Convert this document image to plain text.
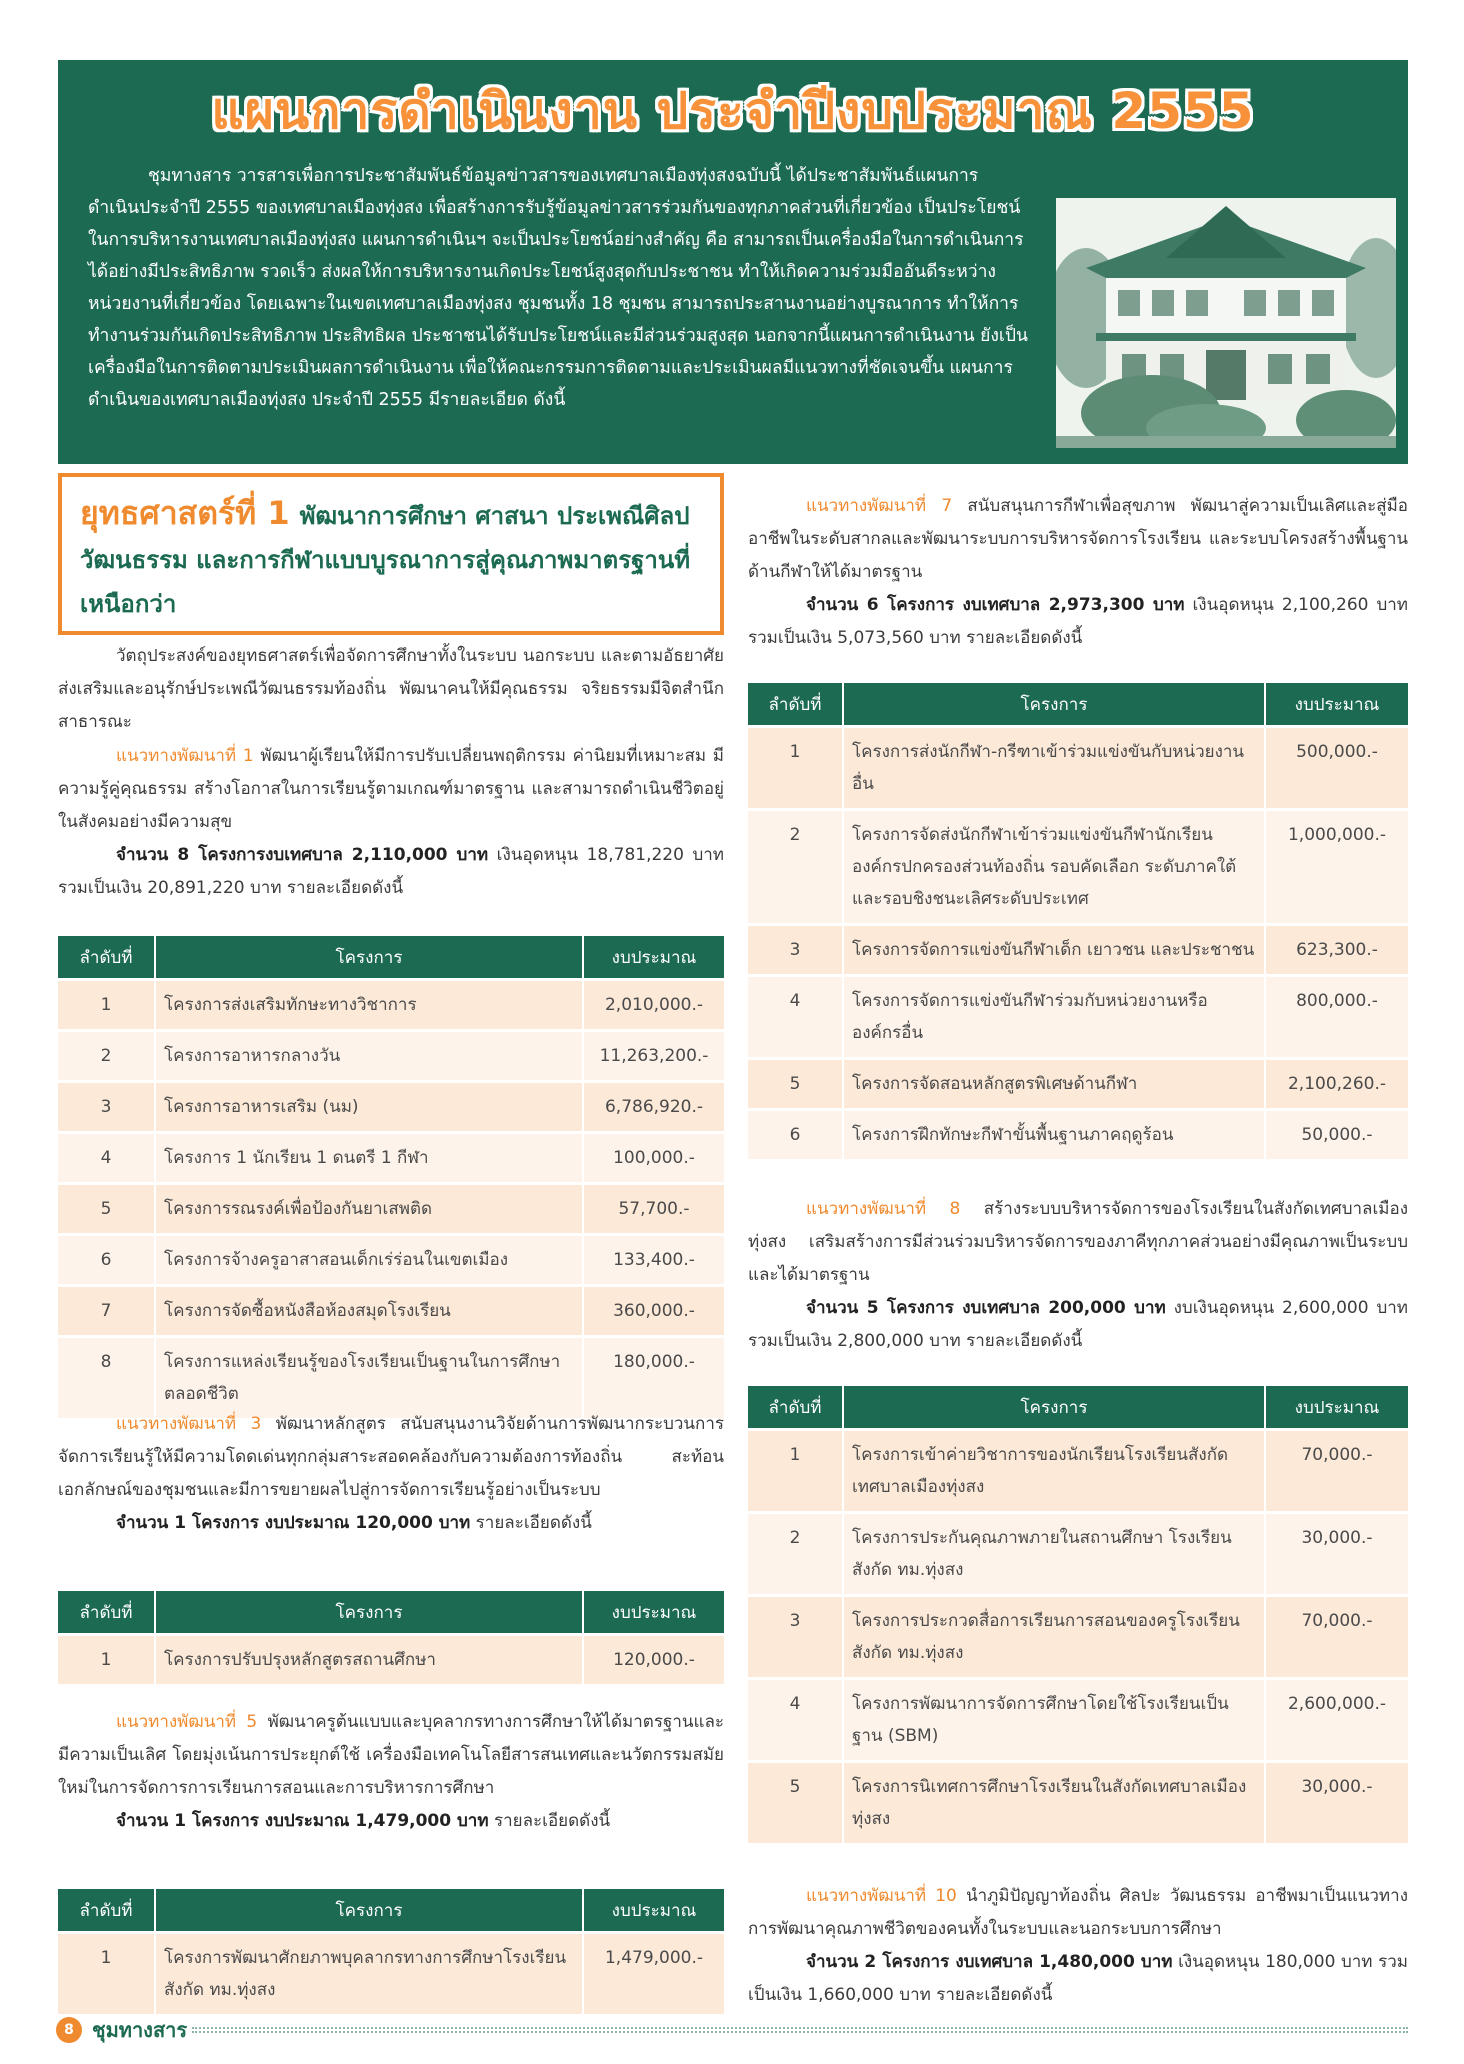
แผนการดำเนินงาน ประจำปีงบประมาณ 2555

ชุมทางสาร วารสารเพื่อการประชาสัมพันธ์ข้อมูลข่าวสารของเทศบาลเมืองทุ่งสงฉบับนี้ ได้ประชาสัมพันธ์แผนการดำเนินประจำปี 2555 ของเทศบาลเมืองทุ่งสง เพื่อสร้างการรับรู้ข้อมูลข่าวสารร่วมกันของทุกภาคส่วนที่เกี่ยวข้อง เป็นประโยชน์ในการบริหารงานเทศบาลเมืองทุ่งสง แผนการดำเนินฯ จะเป็นประโยชน์อย่างสำคัญ คือ สามารถเป็นเครื่องมือในการดำเนินการได้อย่างมีประสิทธิภาพ รวดเร็ว ส่งผลให้การบริหารงานเกิดประโยชน์สูงสุดกับประชาชน ทำให้เกิดความร่วมมืออันดีระหว่างหน่วยงานที่เกี่ยวข้อง โดยเฉพาะในเขตเทศบาลเมืองทุ่งสง ชุมชนทั้ง 18 ชุมชน สามารถประสานงานอย่างบูรณาการ ทำให้การทำงานร่วมกันเกิดประสิทธิภาพ ประสิทธิผล ประชาชนได้รับประโยชน์และมีส่วนร่วมสูงสุด นอกจากนี้แผนการดำเนินงาน ยังเป็นเครื่องมือในการติดตามประเมินผลการดำเนินงาน เพื่อให้คณะกรรมการติดตามและประเมินผลมีแนวทางที่ชัดเจนขึ้น แผนการดำเนินของเทศบาลเมืองทุ่งสง ประจำปี 2555 มีรายละเอียด ดังนี้

ยุทธศาสตร์ที่ 1 พัฒนาการศึกษา ศาสนา ประเพณีศิลปวัฒนธรรม และการกีฬาแบบบูรณาการสู่คุณภาพมาตรฐานที่เหนือกว่า

วัตถุประสงค์ของยุทธศาสตร์เพื่อจัดการศึกษาทั้งในระบบ นอกระบบ และตามอัธยาศัย ส่งเสริมและอนุรักษ์ประเพณีวัฒนธรรมท้องถิ่น พัฒนาคนให้มีคุณธรรม จริยธรรมมีจิตสำนึกสาธารณะ

แนวทางพัฒนาที่ 1 พัฒนาผู้เรียนให้มีการปรับเปลี่ยนพฤติกรรม ค่านิยมที่เหมาะสม มีความรู้คู่คุณธรรม สร้างโอกาสในการเรียนรู้ตามเกณฑ์มาตรฐาน และสามารถดำเนินชีวิตอยู่ในสังคมอย่างมีความสุข
จำนวน 8 โครงการงบเทศบาล 2,110,000 บาท เงินอุดหนุน 18,781,220 บาท รวมเป็นเงิน 20,891,220 บาท รายละเอียดดังนี้

ลำดับที่	โครงการ	งบประมาณ
1	โครงการส่งเสริมทักษะทางวิชาการ	2,010,000.-
2	โครงการอาหารกลางวัน	11,263,200.-
3	โครงการอาหารเสริม (นม)	6,786,920.-
4	โครงการ 1 นักเรียน 1 ดนตรี 1 กีฬา	100,000.-
5	โครงการรณรงค์เพื่อป้องกันยาเสพติด	57,700.-
6	โครงการจ้างครูอาสาสอนเด็กเร่ร่อนในเขตเมือง	133,400.-
7	โครงการจัดซื้อหนังสือห้องสมุดโรงเรียน	360,000.-
8	โครงการแหล่งเรียนรู้ของโรงเรียนเป็นฐานในการศึกษาตลอดชีวิต	180,000.-

แนวทางพัฒนาที่ 3 พัฒนาหลักสูตร สนับสนุนงานวิจัยด้านการพัฒนากระบวนการจัดการเรียนรู้ให้มีความโดดเด่นทุกกลุ่มสาระสอดคล้องกับความต้องการท้องถิ่น สะท้อนเอกลักษณ์ของชุมชนและมีการขยายผลไปสู่การจัดการเรียนรู้อย่างเป็นระบบ
จำนวน 1 โครงการ งบประมาณ 120,000 บาท รายละเอียดดังนี้

ลำดับที่	โครงการ	งบประมาณ
1	โครงการปรับปรุงหลักสูตรสถานศึกษา	120,000.-

แนวทางพัฒนาที่ 5 พัฒนาครูต้นแบบและบุคลากรทางการศึกษาให้ได้มาตรฐานและมีความเป็นเลิศ โดยมุ่งเน้นการประยุกต์ใช้ เครื่องมือเทคโนโลยีสารสนเทศและนวัตกรรมสมัยใหม่ในการจัดการการเรียนการสอนและการบริหารการศึกษา
จำนวน 1 โครงการ งบประมาณ 1,479,000 บาท รายละเอียดดังนี้

ลำดับที่	โครงการ	งบประมาณ
1	โครงการพัฒนาศักยภาพบุคลากรทางการศึกษาโรงเรียนสังกัด ทม.ทุ่งสง	1,479,000.-

แนวทางพัฒนาที่ 7 สนับสนุนการกีฬาเพื่อสุขภาพ พัฒนาสู่ความเป็นเลิศและสู่มืออาชีพในระดับสากลและพัฒนาระบบการบริหารจัดการโรงเรียน และระบบโครงสร้างพื้นฐานด้านกีฬาให้ได้มาตรฐาน
จำนวน 6 โครงการ งบเทศบาล 2,973,300 บาท เงินอุดหนุน 2,100,260 บาท รวมเป็นเงิน 5,073,560 บาท รายละเอียดดังนี้

ลำดับที่	โครงการ	งบประมาณ
1	โครงการส่งนักกีฬา-กรีฑาเข้าร่วมแข่งขันกับหน่วยงานอื่น	500,000.-
2	โครงการจัดส่งนักกีฬาเข้าร่วมแข่งขันกีฬานักเรียนองค์กรปกครองส่วนท้องถิ่น รอบคัดเลือก ระดับภาคใต้ และรอบชิงชนะเลิศระดับประเทศ	1,000,000.-
3	โครงการจัดการแข่งขันกีฬาเด็ก เยาวชน และประชาชน	623,300.-
4	โครงการจัดการแข่งขันกีฬาร่วมกับหน่วยงานหรือองค์กรอื่น	800,000.-
5	โครงการจัดสอนหลักสูตรพิเศษด้านกีฬา	2,100,260.-
6	โครงการฝึกทักษะกีฬาขั้นพื้นฐานภาคฤดูร้อน	50,000.-

แนวทางพัฒนาที่ 8 สร้างระบบบริหารจัดการของโรงเรียนในสังกัดเทศบาลเมืองทุ่งสง เสริมสร้างการมีส่วนร่วมบริหารจัดการของภาคีทุกภาคส่วนอย่างมีคุณภาพเป็นระบบและได้มาตรฐาน
จำนวน 5 โครงการ งบเทศบาล 200,000 บาท งบเงินอุดหนุน 2,600,000 บาท รวมเป็นเงิน 2,800,000 บาท รายละเอียดดังนี้

ลำดับที่	โครงการ	งบประมาณ
1	โครงการเข้าค่ายวิชาการของนักเรียนโรงเรียนสังกัดเทศบาลเมืองทุ่งสง	70,000.-
2	โครงการประกันคุณภาพภายในสถานศึกษา โรงเรียนสังกัด ทม.ทุ่งสง	30,000.-
3	โครงการประกวดสื่อการเรียนการสอนของครูโรงเรียนสังกัด ทม.ทุ่งสง	70,000.-
4	โครงการพัฒนาการจัดการศึกษาโดยใช้โรงเรียนเป็นฐาน (SBM)	2,600,000.-
5	โครงการนิเทศการศึกษาโรงเรียนในสังกัดเทศบาลเมืองทุ่งสง	30,000.-

แนวทางพัฒนาที่ 10 นำภูมิปัญญาท้องถิ่น ศิลปะ วัฒนธรรม อาชีพมาเป็นแนวทางการพัฒนาคุณภาพชีวิตของคนทั้งในระบบและนอกระบบการศึกษา
จำนวน 2 โครงการ งบเทศบาล 1,480,000 บาท เงินอุดหนุน 180,000 บาท รวมเป็นเงิน 1,660,000 บาท รายละเอียดดังนี้

8 ชุมทางสาร
